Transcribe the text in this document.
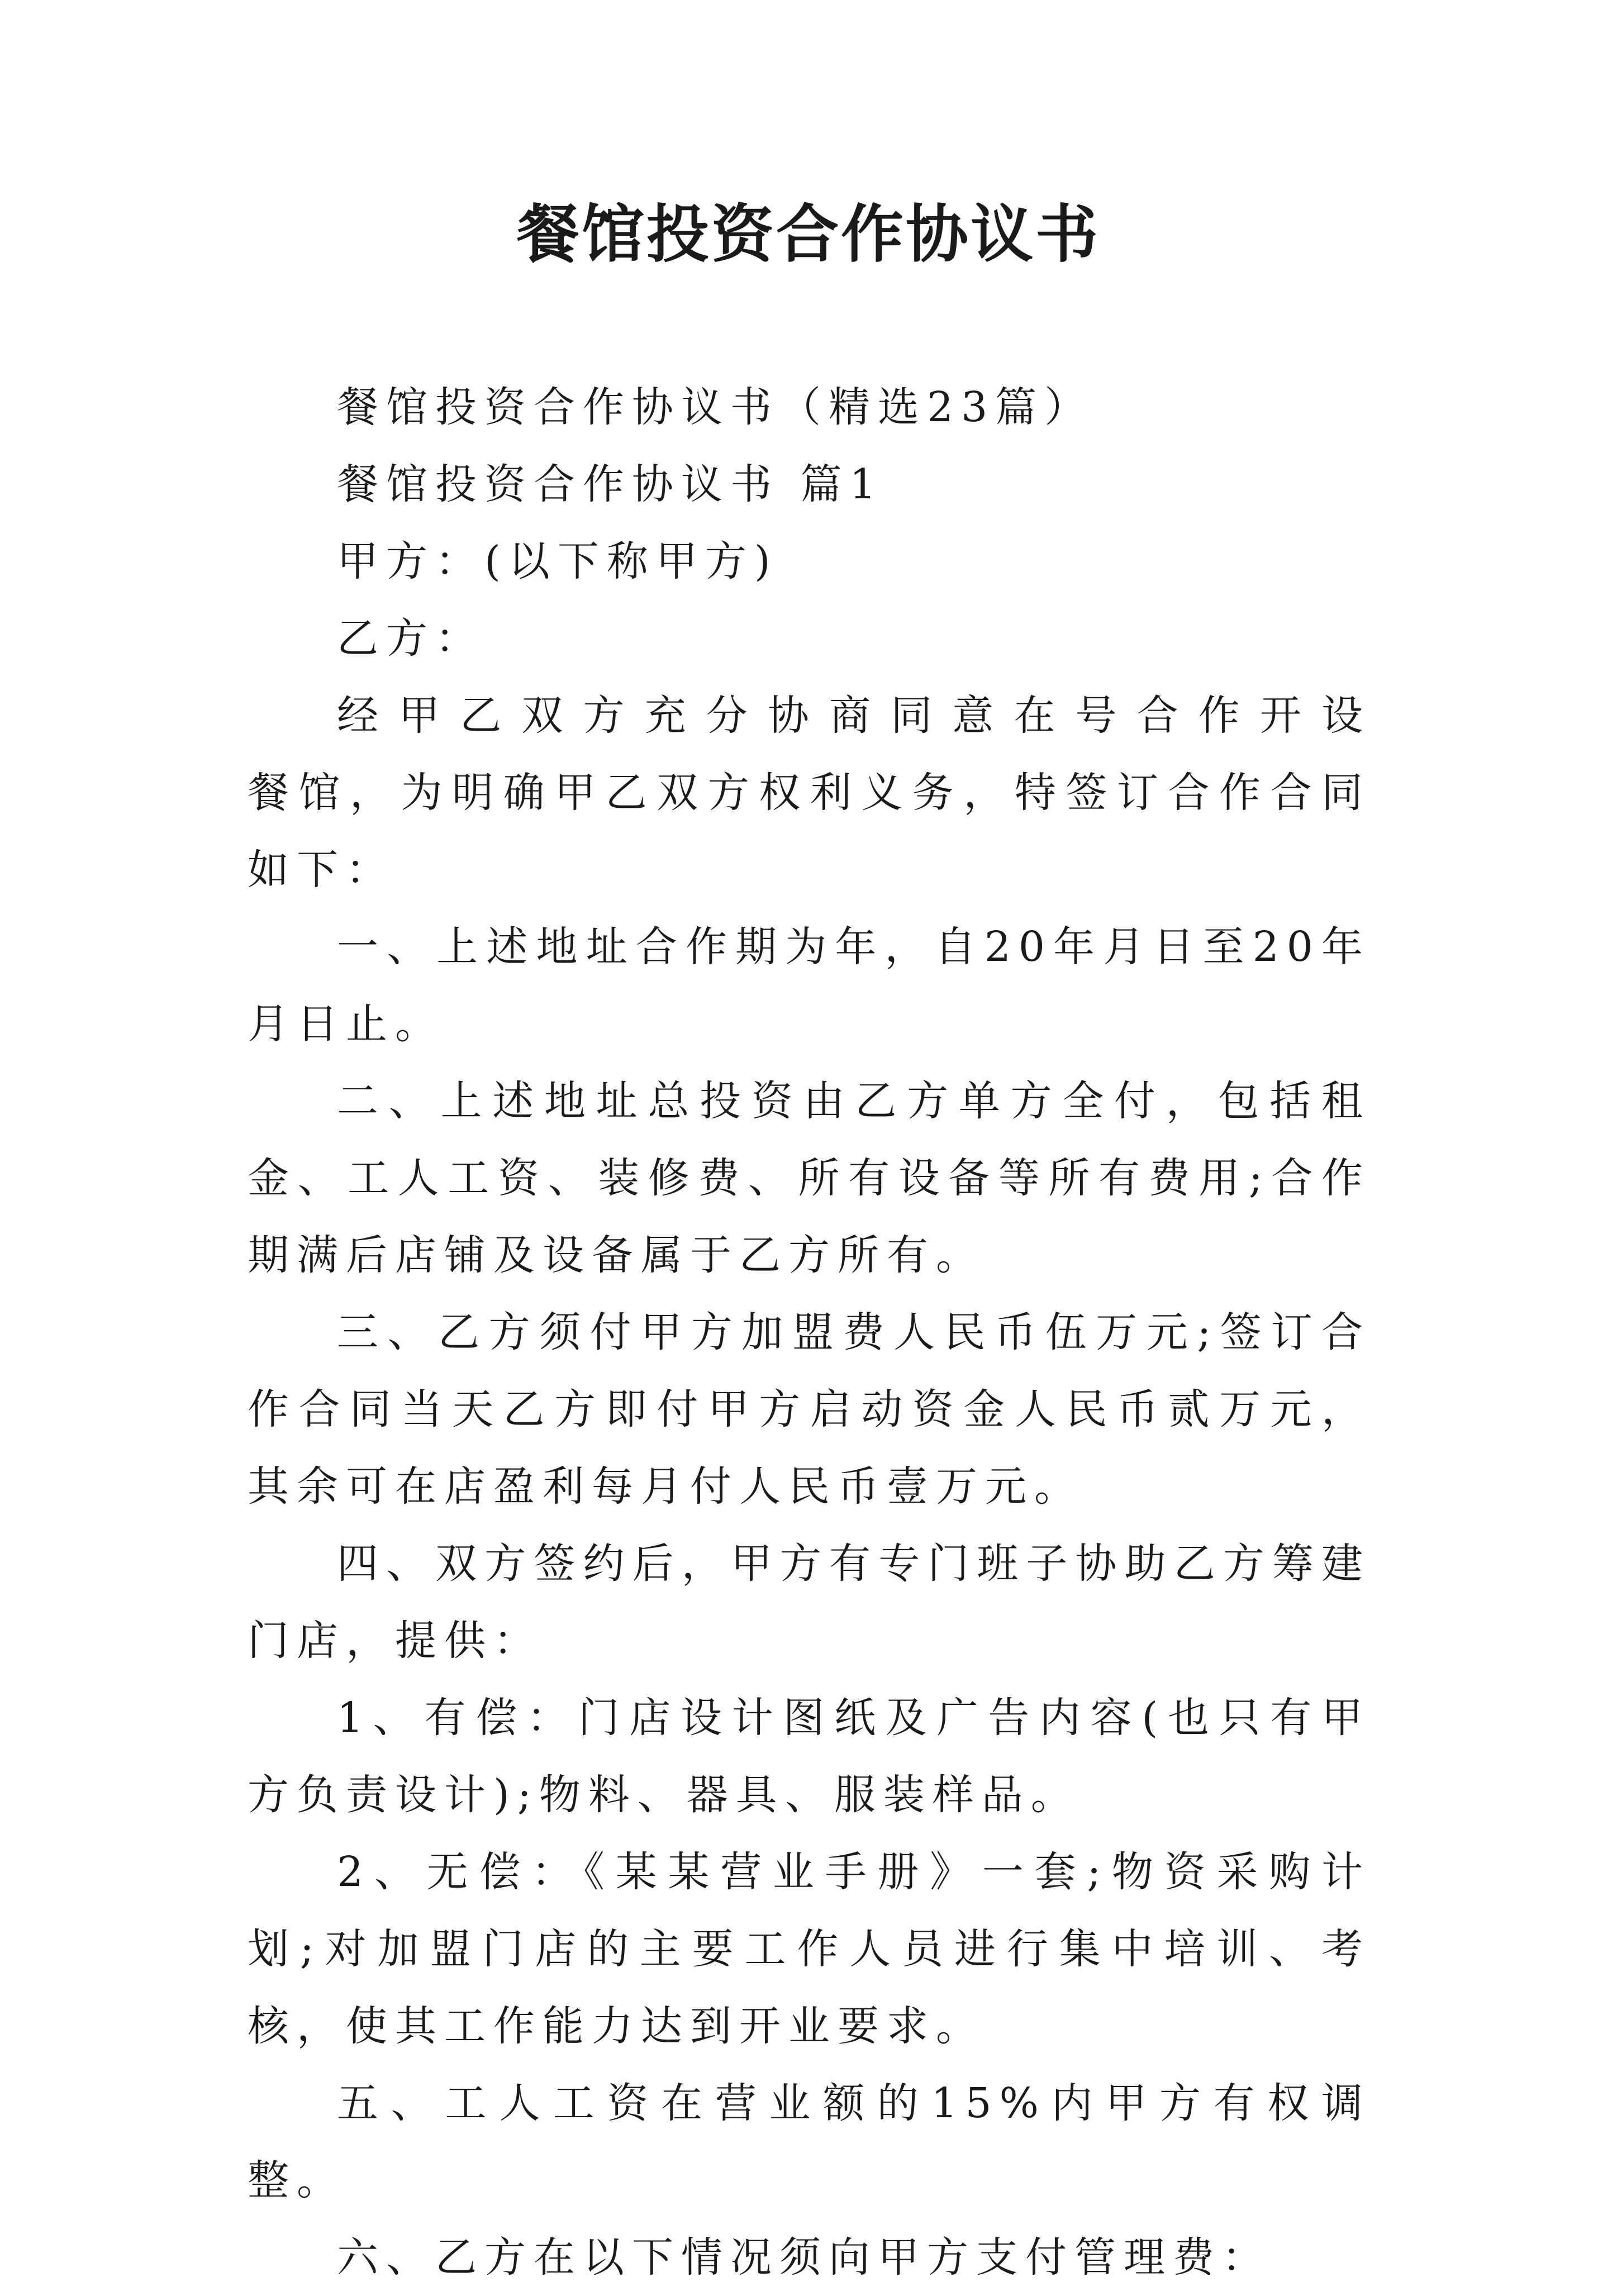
餐馆投资合作协议书

餐馆投资合作协议书（精选23篇）

餐馆投资合作协议书 篇1

甲方：(以下称甲方)

乙方：

经甲乙双方充分协商同意在号合作开设　　　　　餐馆，为明确甲乙双方权利义务，特签订合作合同如下：

一、上述地址合作期为年，自20年月日至20年月日止。

二、上述地址总投资由乙方单方全付，包括租金、工人工资、装修费、所有设备等所有费用;合作期满后店铺及设备属于乙方所有。

三、乙方须付甲方加盟费人民币伍万元;签订合作合同当天乙方即付甲方启动资金人民币贰万元，其余可在店盈利每月付人民币壹万元。

四、双方签约后，甲方有专门班子协助乙方筹建门店，提供：

1、有偿：门店设计图纸及广告内容(也只有甲方负责设计);物料、器具、服装样品。

2、无偿：《某某营业手册》一套;物资采购计划;对加盟门店的主要工作人员进行集中培训、考核，使其工作能力达到开业要求。

五、工人工资在营业额的15%内甲方有权调整。

六、乙方在以下情况须向甲方支付管理费：
